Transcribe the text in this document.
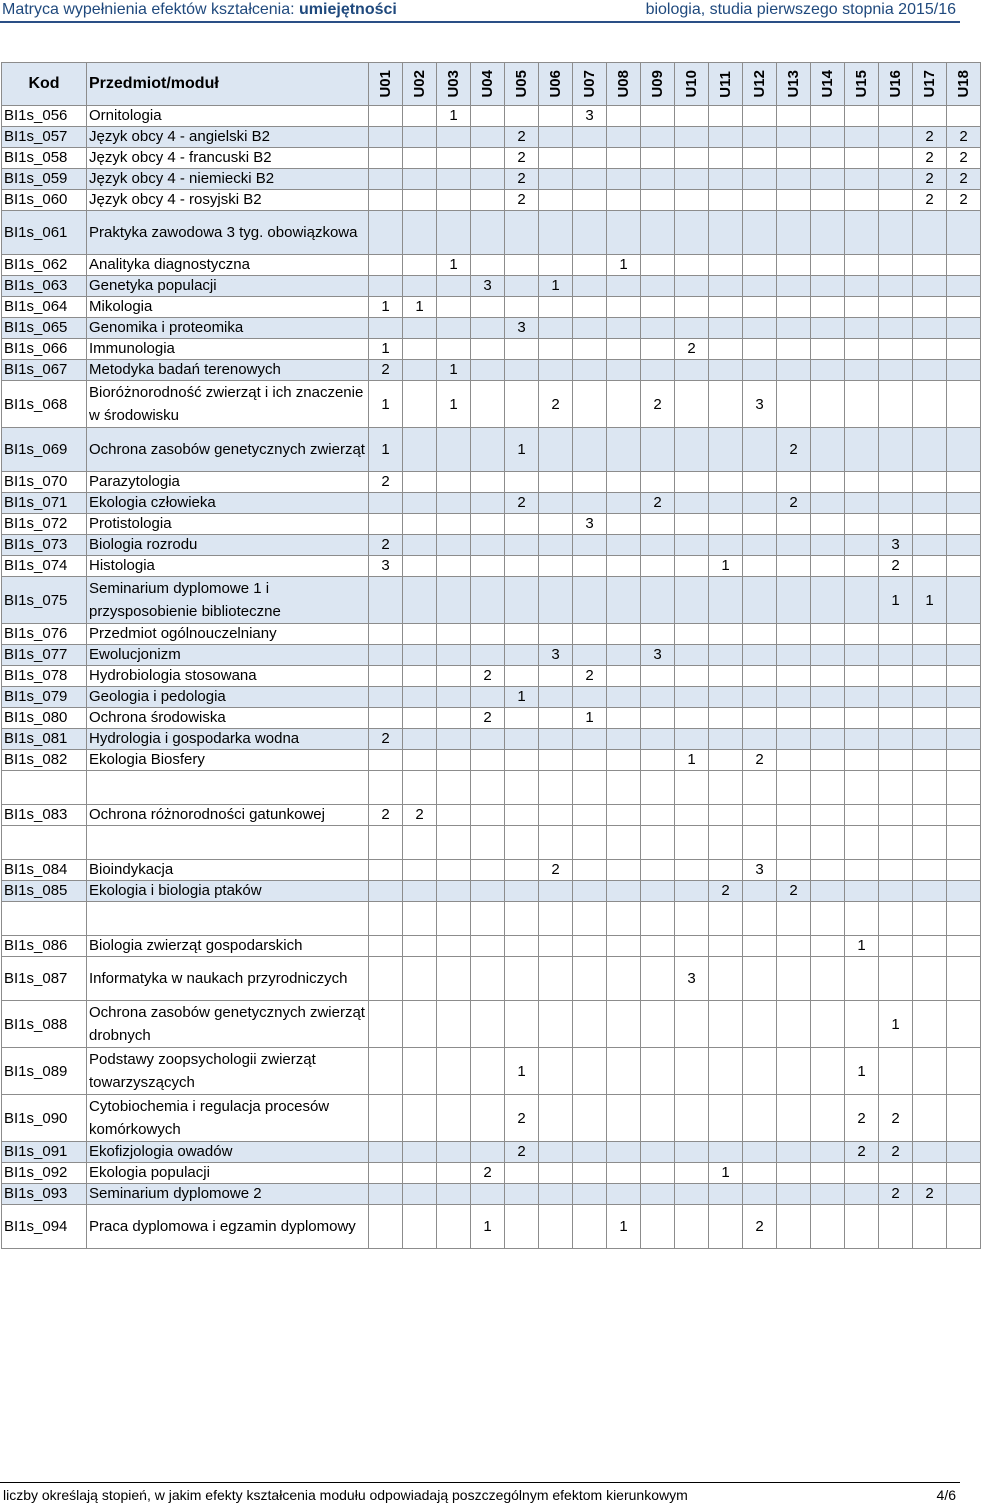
Matryca wypełnienia efektów kształcenia: umiejętności	biologia, studia pierwszego stopnia 2015/16
Kod	Przedmiot/moduł	U01	U02	U03	U04	U05	U06	U07	U08	U09	U10	U11	U12	U13	U14	U15	U16	U17	U18

BI1s_056	Ornitologia			1				3											
BI1s_057	Język obcy 4 - angielski B2					2												2	2
BI1s_058	Język obcy 4 - francuski B2					2												2	2
BI1s_059	Język obcy 4 - niemiecki B2					2												2	2
BI1s_060	Język obcy 4 - rosyjski B2					2												2	2
BI1s_061	Praktyka zawodowa 3 tyg. obowiązkowa																		
BI1s_062	Analityka diagnostyczna			1					1										
BI1s_063	Genetyka populacji				3		1												
BI1s_064	Mikologia	1	1																
BI1s_065	Genomika i proteomika					3													
BI1s_066	Immunologia	1									2								
BI1s_067	Metodyka badań terenowych	2		1															
BI1s_068	Bioróżnorodność zwierząt i ich znaczenie w środowisku	1		1			2			2			3						
BI1s_069	Ochrona zasobów genetycznych zwierząt	1				1								2					
BI1s_070	Parazytologia	2																	
BI1s_071	Ekologia człowieka					2				2				2					
BI1s_072	Protistologia							3											
BI1s_073	Biologia rozrodu	2															3		
BI1s_074	Histologia	3										1					2		
BI1s_075	Seminarium dyplomowe 1 i przysposobienie biblioteczne																1	1	
BI1s_076	Przedmiot ogólnouczelniany																		
BI1s_077	Ewolucjonizm						3			3									
BI1s_078	Hydrobiologia stosowana				2			2											
BI1s_079	Geologia i pedologia					1													
BI1s_080	Ochrona środowiska				2			1											
BI1s_081	Hydrologia i gospodarka wodna	2																	
BI1s_082	Ekologia Biosfery										1		2						

BI1s_083	Ochrona różnorodności gatunkowej	2	2																

BI1s_084	Bioindykacja						2						3						
BI1s_085	Ekologia i biologia ptaków											2		2					

BI1s_086	Biologia zwierząt gospodarskich															1			
BI1s_087	Informatyka w naukach przyrodniczych										3								
BI1s_088	Ochrona zasobów genetycznych zwierząt drobnych																1		
BI1s_089	Podstawy zoopsychologii zwierząt towarzyszących					1										1			
BI1s_090	Cytobiochemia i regulacja procesów komórkowych					2										2	2		
BI1s_091	Ekofizjologia owadów					2										2	2		
BI1s_092	Ekologia populacji				2							1							
BI1s_093	Seminarium dyplomowe 2																2	2	
BI1s_094	Praca dyplomowa i egzamin dyplomowy				1				1				2						
liczby określają stopień, w jakim efekty kształcenia modułu odpowiadają poszczególnym efektom kierunkowym	4/6
